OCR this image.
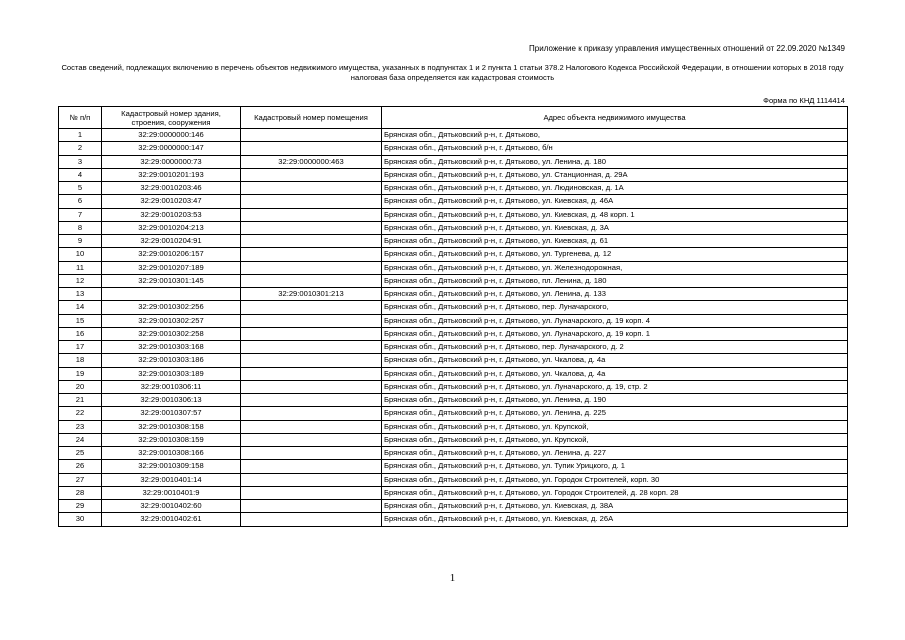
Приложение к приказу управления имущественных отношений от 22.09.2020 №1349
Состав сведений, подлежащих включению в перечень объектов недвижимого имущества, указанных в подпунктах 1 и 2 пункта 1 статьи 378.2 Налогового Кодекса Российской Федерации, в отношении которых в 2018 году налоговая база определяется как кадастровая стоимость
Форма по КНД 1114414
№ п/п	Кадастровый номер здания, строения, сооружения	Кадастровый номер помещения	Адрес объекта недвижимого имущества
1	32:29:0000000:146		Брянская обл., Дятьковский р-н, г. Дятьково,
2	32:29:0000000:147		Брянская обл., Дятьковский р-н, г. Дятьково, б/н
3	32:29:0000000:73	32:29:0000000:463	Брянская обл., Дятьковский р-н, г. Дятьково, ул. Ленина, д. 180
4	32:29:0010201:193		Брянская обл., Дятьковский р-н, г. Дятьково, ул. Станционная, д. 29А
5	32:29:0010203:46		Брянская обл., Дятьковский р-н, г. Дятьково, ул. Людиновская, д. 1А
6	32:29:0010203:47		Брянская обл., Дятьковский р-н, г. Дятьково, ул. Киевская, д. 46А
7	32:29:0010203:53		Брянская обл., Дятьковский р-н, г. Дятьково, ул. Киевская, д. 48 корп. 1
8	32:29:0010204:213		Брянская обл., Дятьковский р-н, г. Дятьково, ул. Киевская, д. 3А
9	32:29:0010204:91		Брянская обл., Дятьковский р-н, г. Дятьково, ул. Киевская, д. 61
10	32:29:0010206:157		Брянская обл., Дятьковский р-н, г. Дятьково, ул. Тургенева, д. 12
11	32:29:0010207:189		Брянская обл., Дятьковский р-н, г. Дятьково, ул. Железнодорожная,
12	32:29:0010301:145		Брянская обл., Дятьковский р-н, г. Дятьково, пл. Ленина, д. 180
13		32:29:0010301:213	Брянская обл., Дятьковский р-н, г. Дятьково, ул. Ленина, д. 133
14	32:29:0010302:256		Брянская обл., Дятьковский р-н, г. Дятьково, пер. Луначарского,
15	32:29:0010302:257		Брянская обл., Дятьковский р-н, г. Дятьково, ул. Луначарского, д. 19 корп. 4
16	32:29:0010302:258		Брянская обл., Дятьковский р-н, г. Дятьково, ул. Луначарского, д. 19 корп. 1
17	32:29:0010303:168		Брянская обл., Дятьковский р-н, г. Дятьково, пер. Луначарского, д. 2
18	32:29:0010303:186		Брянская обл., Дятьковский р-н, г. Дятьково, ул. Чкалова, д. 4а
19	32:29:0010303:189		Брянская обл., Дятьковский р-н, г. Дятьково, ул. Чкалова, д. 4а
20	32:29:0010306:11		Брянская обл., Дятьковский р-н, г. Дятьково, ул. Луначарского, д. 19, стр. 2
21	32:29:0010306:13		Брянская обл., Дятьковский р-н, г. Дятьково, ул. Ленина, д. 190
22	32:29:0010307:57		Брянская обл., Дятьковский р-н, г. Дятьково, ул. Ленина, д. 225
23	32:29:0010308:158		Брянская обл., Дятьковский р-н, г. Дятьково, ул. Крупской,
24	32:29:0010308:159		Брянская обл., Дятьковский р-н, г. Дятьково, ул. Крупской,
25	32:29:0010308:166		Брянская обл., Дятьковский р-н, г. Дятьково, ул. Ленина, д. 227
26	32:29:0010309:158		Брянская обл., Дятьковский р-н, г. Дятьково, ул. Тупик Урицкого, д. 1
27	32:29:0010401:14		Брянская обл., Дятьковский р-н, г. Дятьково, ул. Городок Строителей, корп. 30
28	32:29:0010401:9		Брянская обл., Дятьковский р-н, г. Дятьково, ул. Городок Строителей, д. 28 корп. 28
29	32:29:0010402:60		Брянская обл., Дятьковский р-н, г. Дятьково, ул. Киевская, д. 38А
30	32:29:0010402:61		Брянская обл., Дятьковский р-н, г. Дятьково, ул. Киевская, д. 26А
1
